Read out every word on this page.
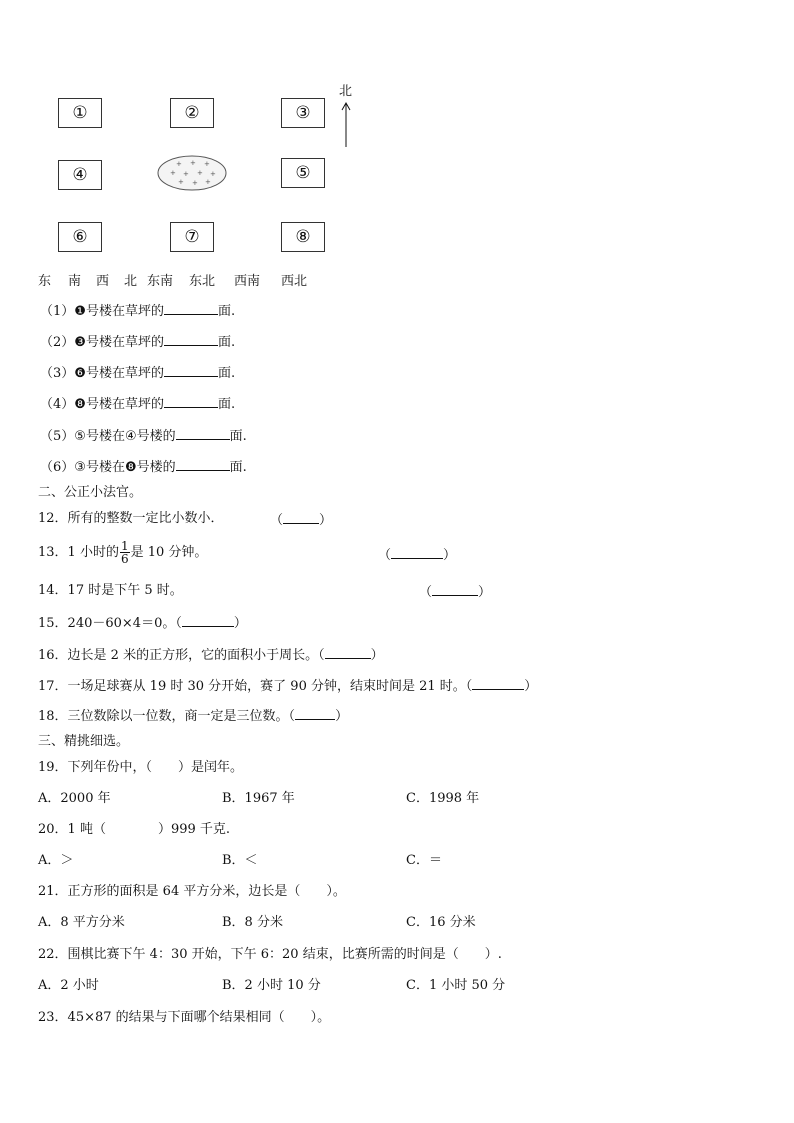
①	②	③
④	⑤
⑥	⑦	⑧
+ + +
+ + + +
+ + +
北
东 南 西 北 东南 东北 西南 西北
（1）❶号楼在草坪的	面.
（2）❸号楼在草坪的	面.
（3）❻号楼在草坪的	面.
（4）❽号楼在草坪的	面.
（5）⑤号楼在④号楼的	面.
（6）③号楼在❽号楼的	面.
二、公正小法官。
12．所有的整数一定比小数小．	（	）
13．1 小时的 $\frac{1}{6}$ 是 10 分钟。	（	）
14．17 时是下午 5 时。	（	）
15．240－60×4＝0。（	）
16．边长是 2 米的正方形，它的面积小于周长。（	）
17．一场足球赛从 19 时 30 分开始，赛了 90 分钟，结束时间是 21 时。（	）
18．三位数除以一位数，商一定是三位数。（	）
三、精挑细选。
19．下列年份中，（　　）是闰年。
A．2000 年	B．1967 年	C．1998 年
20．1 吨（　　　　）999 千克.
A．＞	B．＜	C．＝
21．正方形的面积是 64 平方分米，边长是（　　）。
A．8 平方分米	B．8 分米	C．16 分米
22．围棋比赛下午 4：30 开始，下午 6：20 结束，比赛所需的时间是（　　）.
A．2 小时	B．2 小时 10 分	C．1 小时 50 分
23．45×87 的结果与下面哪个结果相同（　　）。
